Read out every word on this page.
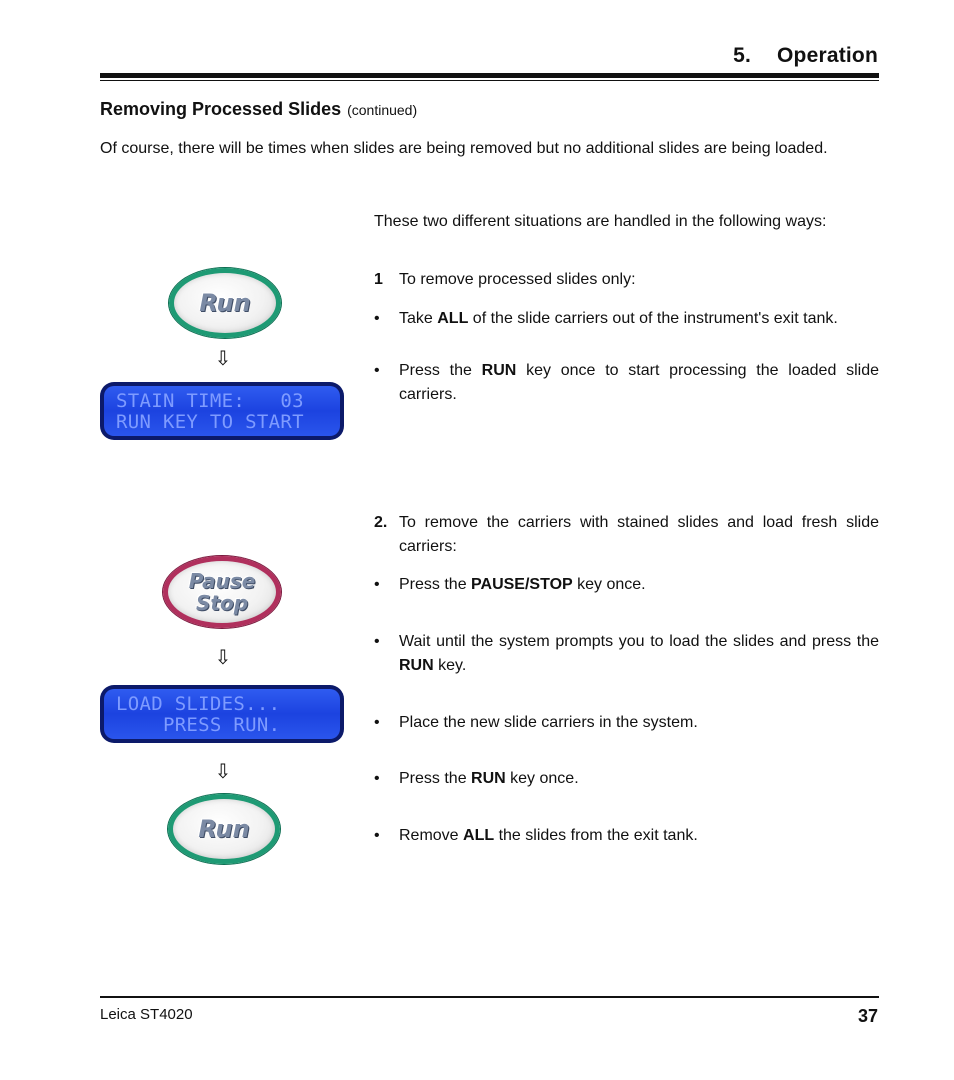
5. Operation
Removing Processed Slides (continued)
Of course, there will be times when slides are being removed but no additional slides are being loaded.
These two different situations are handled in the following ways:
Run
⇩
STAIN TIME:   03
RUN KEY TO START
Pause
Stop
⇩
LOAD SLIDES...
PRESS RUN.
⇩
Run
1 To remove processed slides only:
• Take ALL of the slide carriers out of the instrument's exit tank.
• Press the RUN key once to start processing the loaded slide carriers.
2. To remove the carriers with stained slides and load fresh slide carriers:
• Press the PAUSE/STOP key once.
• Wait until the system prompts you to load the slides and press the RUN key.
• Place the new slide carriers in the system.
• Press the RUN key once.
• Remove ALL the slides from the exit tank.
Leica ST4020	37
